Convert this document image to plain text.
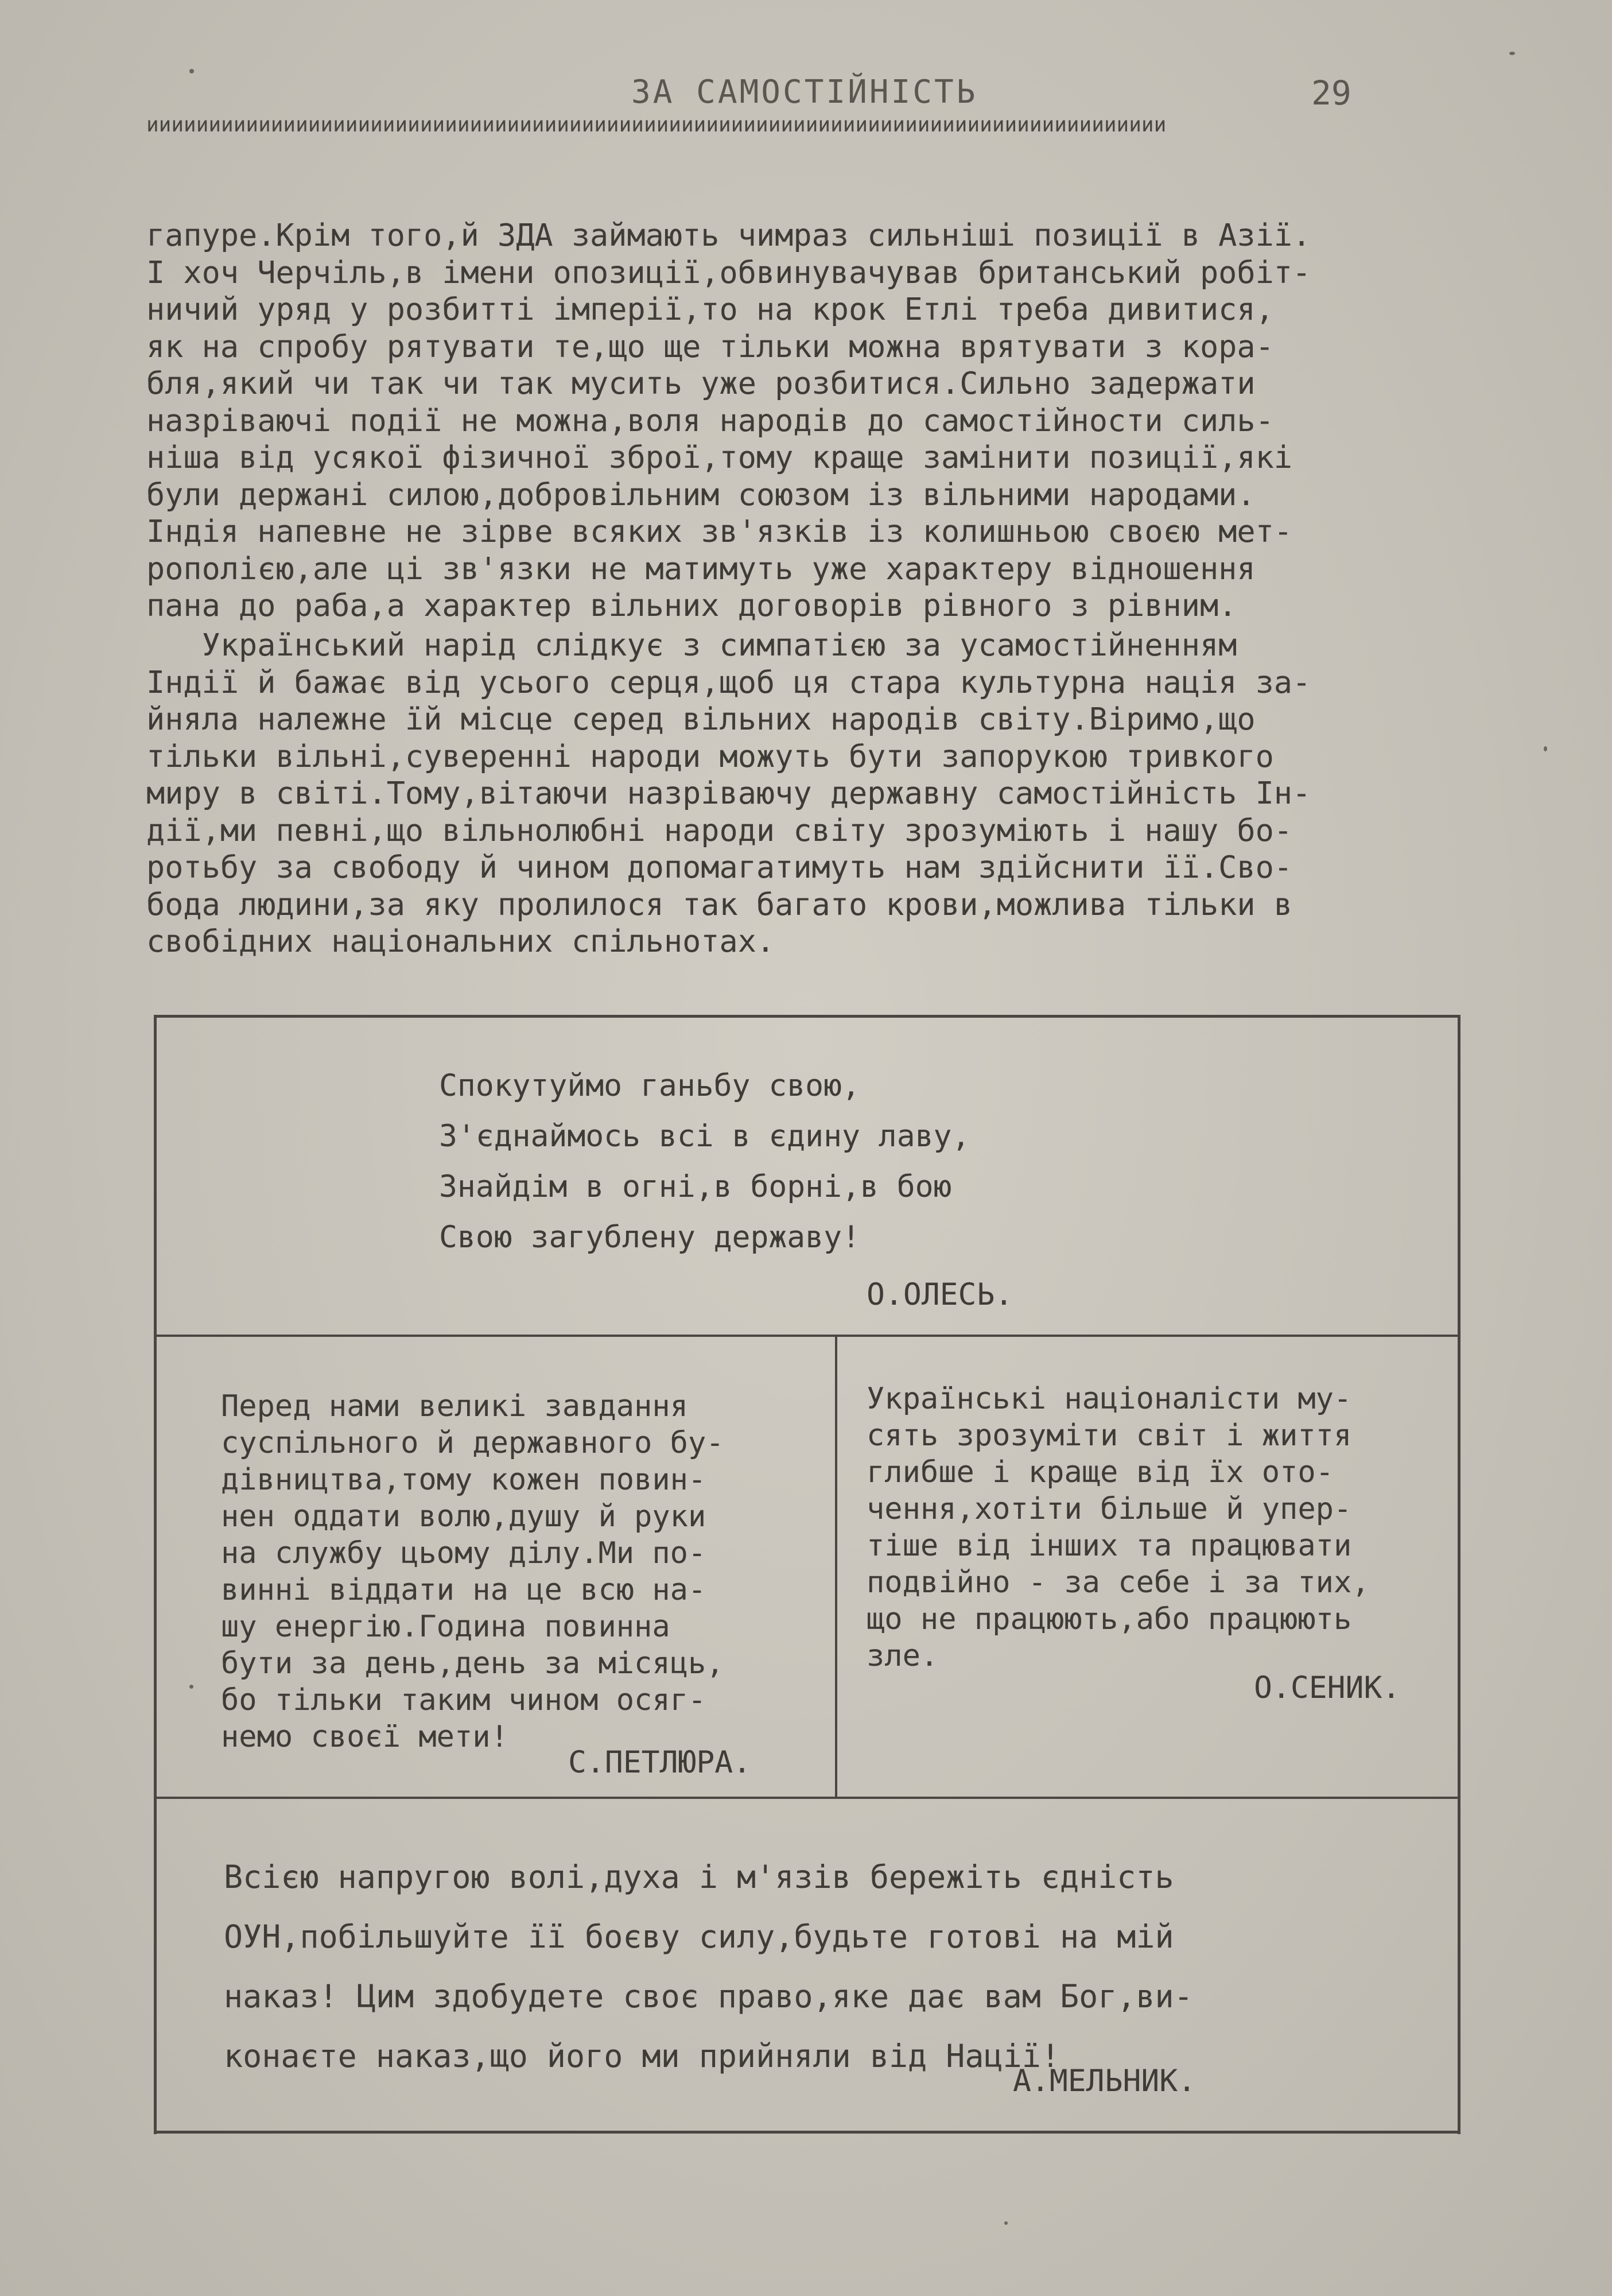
ЗА САМОСТІЙНІСТЬ	29
ииииииииииииииииииииииииииииииииииииииииииииииииииииииииииииииииииииииииииииииииии
гапуре.Крім того,й ЗДА займають чимраз сильніші позиції в Азії.
І хоч Черчіль,в імени опозиції,обвинувачував британський робіт-
ничий уряд у розбитті імперії,то на крок Етлі треба дивитися,
як на спробу рятувати те,що ще тільки можна врятувати з кора-
бля,який чи так чи так мусить уже розбитися.Сильно задержати
назріваючі події не можна,воля народів до самостійности силь-
ніша від усякої фізичної зброї,тому краще замінити позиції,які
були держані силою,добровільним союзом із вільними народами.
Індія напевне не зірве всяких зв'язків із колишньою своєю мет-
рополією,але ці зв'язки не матимуть уже характеру відношення
пана до раба,а характер вільних договорів рівного з рівним.
Український нарід слідкує з симпатією за усамостійненням
Індії й бажає від усього серця,щоб ця стара культурна нація за-
йняла належне їй місце серед вільних народів світу.Віримо,що
тільки вільні,суверенні народи можуть бути запорукою тривкого
миру в світі.Тому,вітаючи назріваючу державну самостійність Ін-
дії,ми певні,що вільнолюбні народи світу зрозуміють і нашу бо-
ротьбу за свободу й чином допомагатимуть нам здійснити її.Сво-
бода людини,за яку пролилося так багато крови,можлива тільки в
свобідних національних спільнотах.
Спокутуймо ганьбу свою,
З'єднаймось всі в єдину лаву,
Знайдім в огні,в борні,в бою
Свою загублену державу!
О.ОЛЕСЬ.
Перед нами великі завдання
суспільного й державного бу-
дівництва,тому кожен повин-
нен оддати волю,душу й руки
на службу цьому ділу.Ми по-
винні віддати на це всю на-
шу енергію.Година повинна
бути за день,день за місяць,
бо тільки таким чином осяг-
немо своєї мети!
С.ПЕТЛЮРА.
Українські націоналісти му-
сять зрозуміти світ і життя
глибше і краще від їх ото-
чення,хотіти більше й упер-
тіше від інших та працювати
подвійно - за себе і за тих,
що не працюють,або працюють
зле.
О.СЕНИК.
Всією напругою волі,духа і м'язів бережіть єдність
ОУН,побільшуйте її боєву силу,будьте готові на мій
наказ! Цим здобудете своє право,яке дає вам Бог,ви-
конаєте наказ,що його ми прийняли від Нації!
А.МЕЛЬНИК.
